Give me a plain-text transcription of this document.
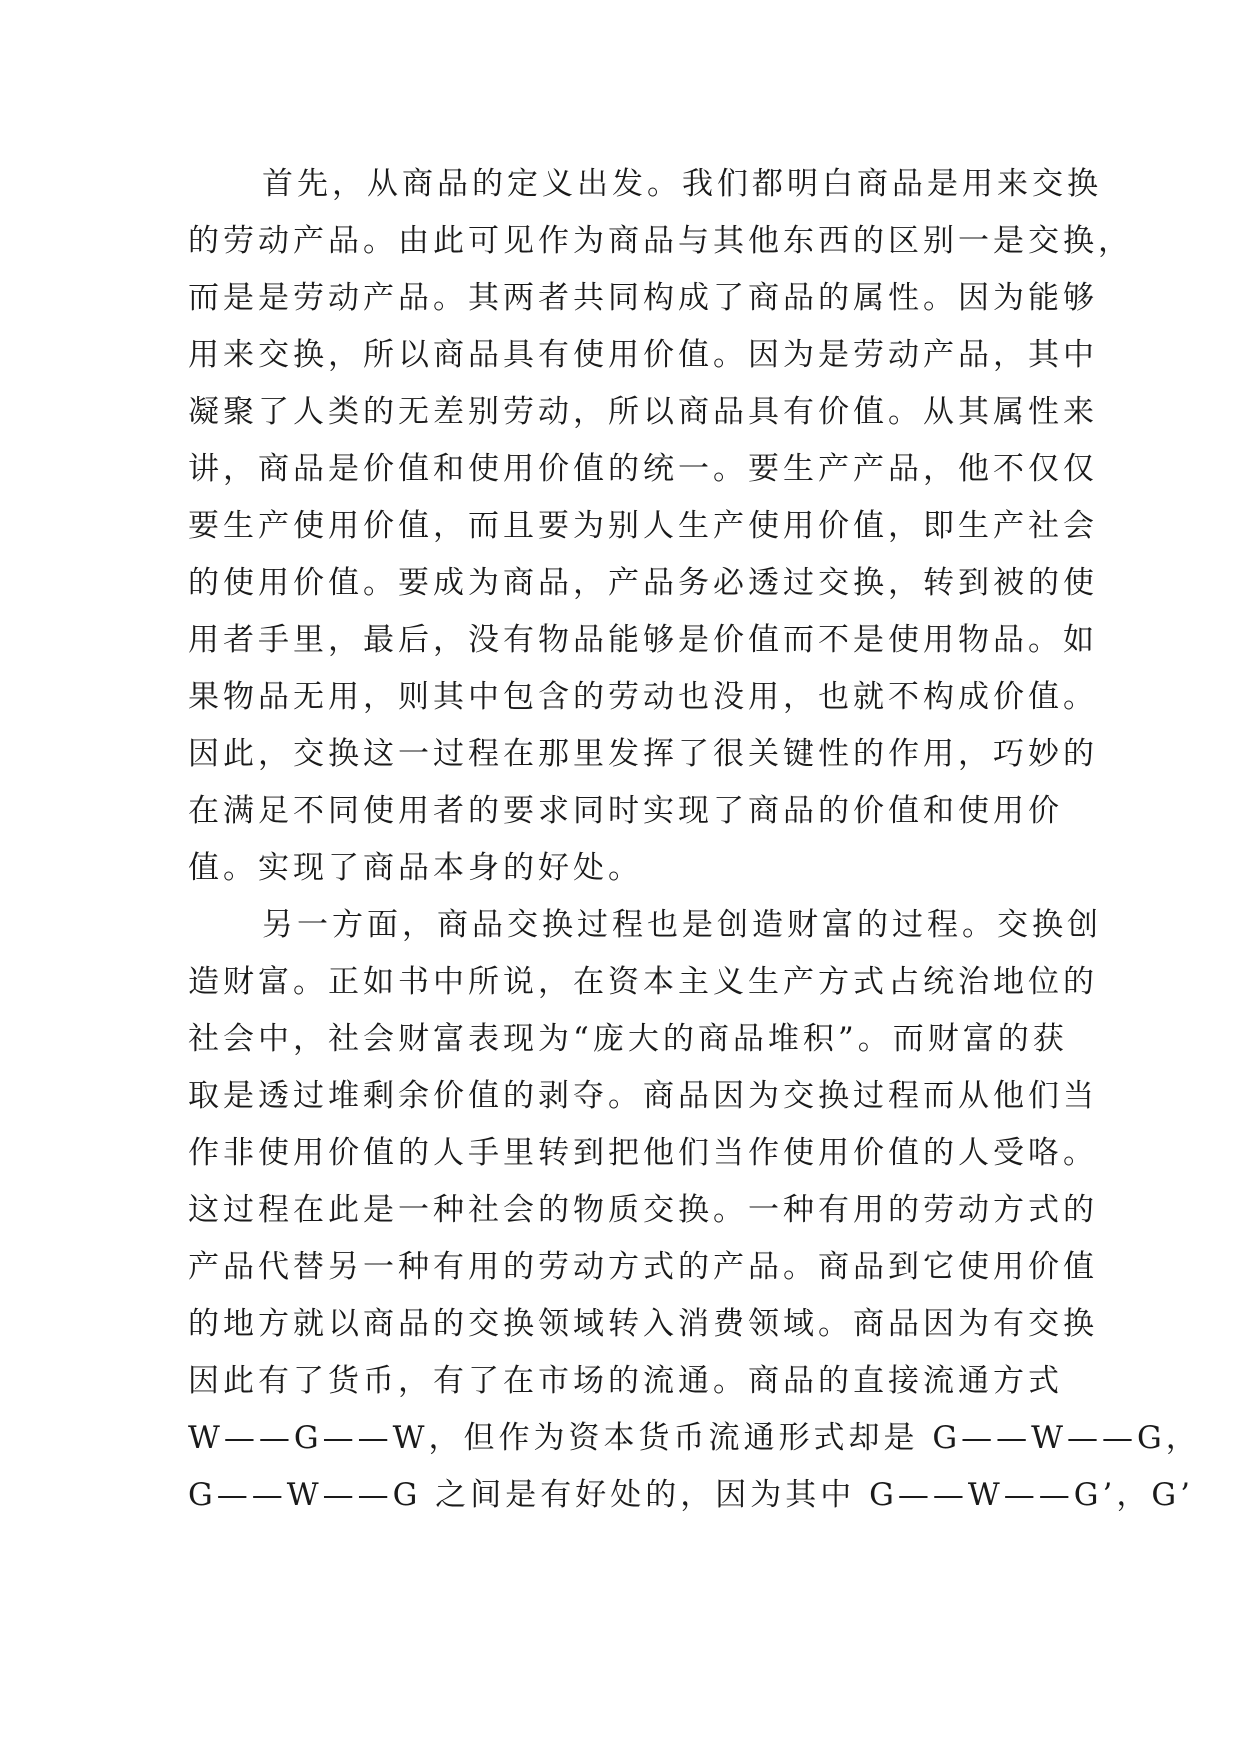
首先，从商品的定义出发。我们都明白商品是用来交换
的劳动产品。由此可见作为商品与其他东西的区别一是交换，
而是是劳动产品。其两者共同构成了商品的属性。因为能够
用来交换，所以商品具有使用价值。因为是劳动产品，其中
凝聚了人类的无差别劳动，所以商品具有价值。从其属性来
讲，商品是价值和使用价值的统一。要生产产品，他不仅仅
要生产使用价值，而且要为别人生产使用价值，即生产社会
的使用价值。要成为商品，产品务必透过交换，转到被的使
用者手里，最后，没有物品能够是价值而不是使用物品。如
果物品无用，则其中包含的劳动也没用，也就不构成价值。
因此，交换这一过程在那里发挥了很关键性的作用，巧妙的
在满足不同使用者的要求同时实现了商品的价值和使用价
值。实现了商品本身的好处。
另一方面，商品交换过程也是创造财富的过程。交换创
造财富。正如书中所说，在资本主义生产方式占统治地位的
社会中，社会财富表现为“庞大的商品堆积”。而财富的获
取是透过堆剩余价值的剥夺。商品因为交换过程而从他们当
作非使用价值的人手里转到把他们当作使用价值的人受咯。
这过程在此是一种社会的物质交换。一种有用的劳动方式的
产品代替另一种有用的劳动方式的产品。商品到它使用价值
的地方就以商品的交换领域转入消费领域。商品因为有交换
因此有了货币，有了在市场的流通。商品的直接流通方式
W——G——W，但作为资本货币流通形式却是 G——W——G，
G——W——G 之间是有好处的，因为其中 G——W——G’，G’
